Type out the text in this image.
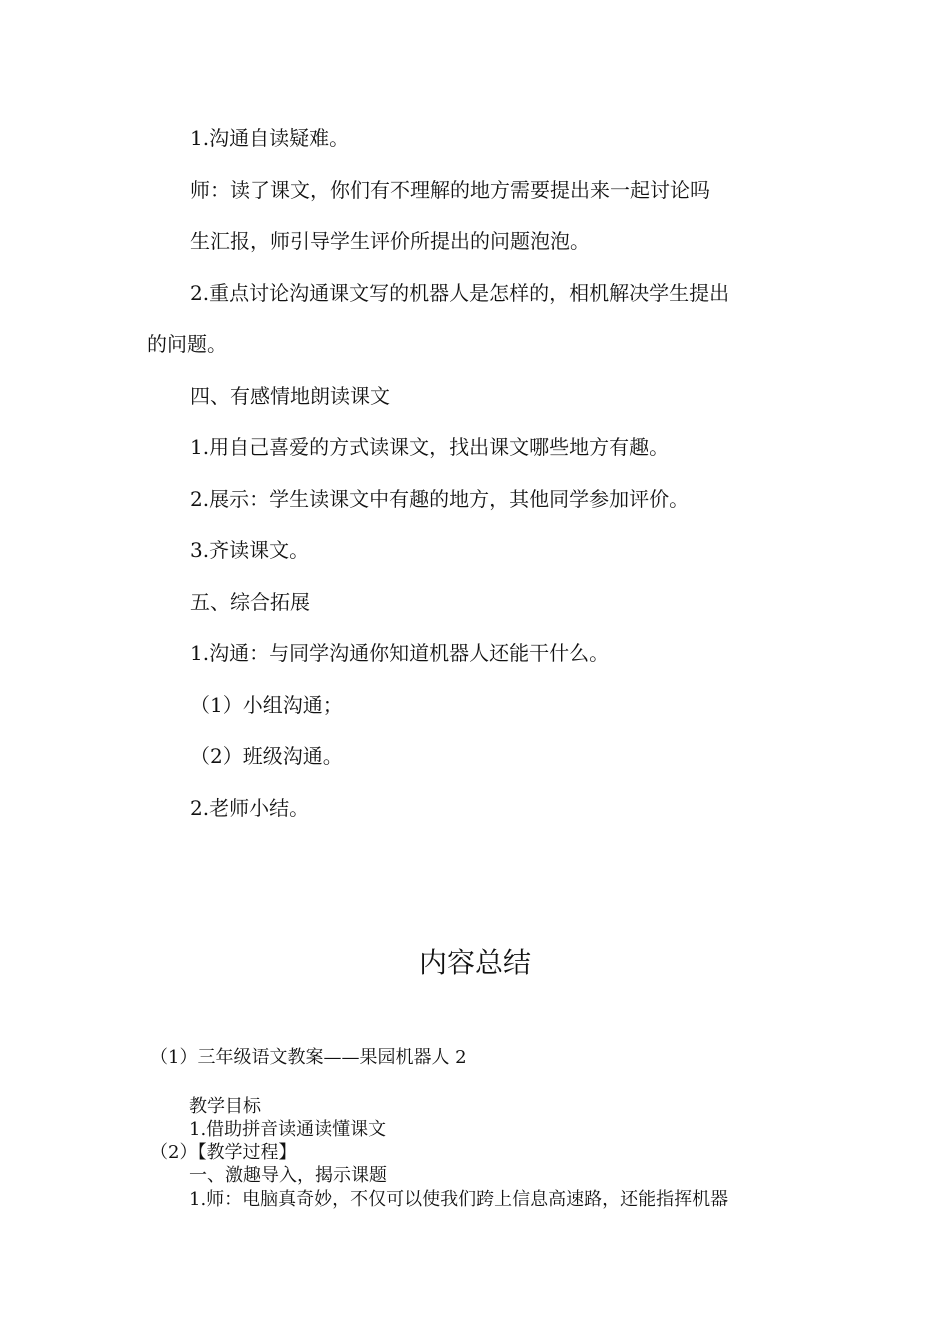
1.沟通自读疑难。
师：读了课文，你们有不理解的地方需要提出来一起讨论吗
生汇报，师引导学生评价所提出的问题泡泡。
2.重点讨论沟通课文写的机器人是怎样的，相机解决学生提出
的问题。
四、有感情地朗读课文
1.用自己喜爱的方式读课文，找出课文哪些地方有趣。
2.展示：学生读课文中有趣的地方，其他同学参加评价。
3.齐读课文。
五、综合拓展
1.沟通：与同学沟通你知道机器人还能干什么。
（1）小组沟通；
（2）班级沟通。
2.老师小结。
内容总结
（1）三年级语文教案——果园机器人 2
教学目标
1.借助拼音读通读懂课文
（2）【教学过程】
一、激趣导入，揭示课题
1.师：电脑真奇妙，不仅可以使我们跨上信息高速路，还能指挥机器
